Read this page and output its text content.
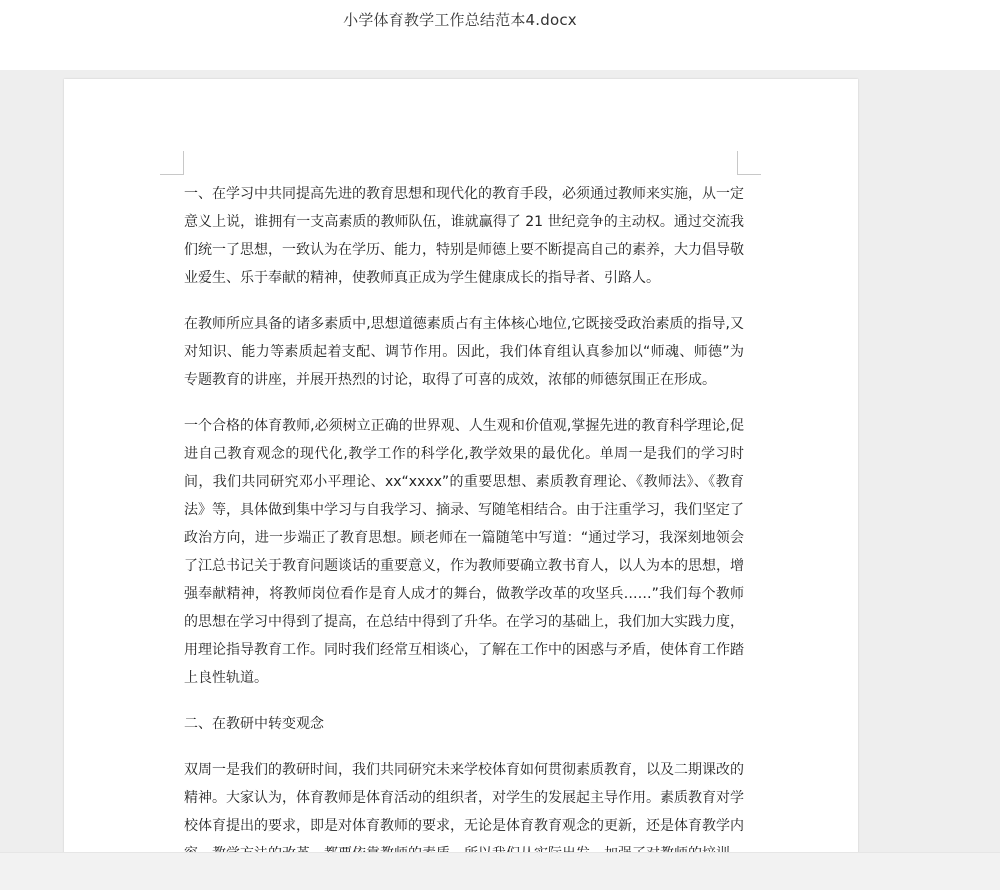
小学体育教学工作总结范本4.docx

一、在学习中共同提高先进的教育思想和现代化的教育手段，必须通过教师来实施，从一定意义上说，谁拥有一支高素质的教师队伍，谁就赢得了 21 世纪竞争的主动权。通过交流我们统一了思想，一致认为在学历、能力，特别是师德上要不断提高自己的素养，大力倡导敬业爱生、乐于奉献的精神，使教师真正成为学生健康成长的指导者、引路人。

在教师所应具备的诸多素质中,思想道德素质占有主体核心地位,它既接受政治素质的指导,又对知识、能力等素质起着支配、调节作用。因此，我们体育组认真参加以“师魂、师德”为专题教育的讲座，并展开热烈的讨论，取得了可喜的成效，浓郁的师德氛围正在形成。

一个合格的体育教师,必须树立正确的世界观、人生观和价值观,掌握先进的教育科学理论,促进自己教育观念的现代化,教学工作的科学化,教学效果的最优化。单周一是我们的学习时间，我们共同研究邓小平理论、xx“xxxx”的重要思想、素质教育理论、《教师法》、《教育法》等，具体做到集中学习与自我学习、摘录、写随笔相结合。由于注重学习，我们坚定了政治方向，进一步端正了教育思想。顾老师在一篇随笔中写道：“通过学习，我深刻地领会了江总书记关于教育问题谈话的重要意义，作为教师要确立教书育人，以人为本的思想，增强奉献精神，将教师岗位看作是育人成才的舞台，做教学改革的攻坚兵……”我们每个教师的思想在学习中得到了提高，在总结中得到了升华。在学习的基础上，我们加大实践力度，用理论指导教育工作。同时我们经常互相谈心，了解在工作中的困惑与矛盾，使体育工作踏上良性轨道。

二、在教研中转变观念

双周一是我们的教研时间，我们共同研究未来学校体育如何贯彻素质教育，以及二期课改的精神。大家认为，体育教师是体育活动的组织者，对学生的发展起主导作用。素质教育对学校体育提出的要求，即是对体育教师的要求，无论是体育教育观念的更新，还是体育教学内
